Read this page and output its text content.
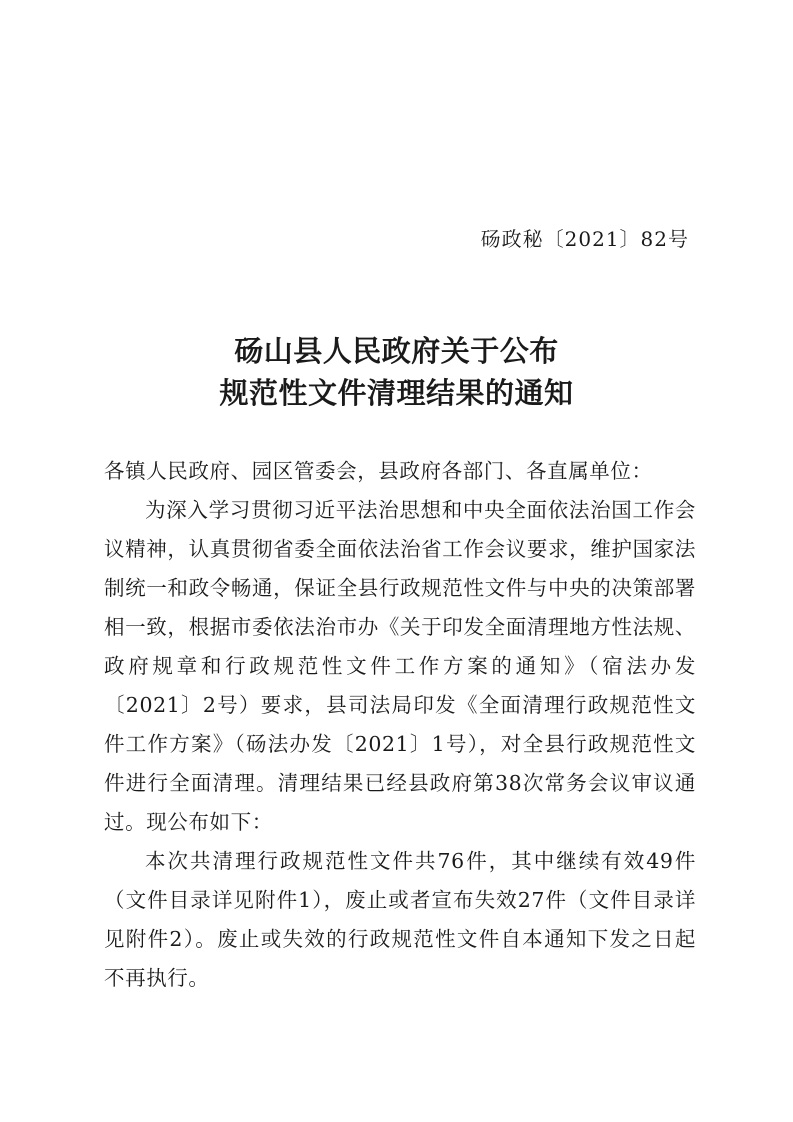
砀政秘〔2021〕82号
砀山县人民政府关于公布
规范性文件清理结果的通知

各镇人民政府、园区管委会，县政府各部门、各直属单位：

为深入学习贯彻习近平法治思想和中央全面依法治国工作会议精神，认真贯彻省委全面依法治省工作会议要求，维护国家法制统一和政令畅通，保证全县行政规范性文件与中央的决策部署相一致，根据市委依法治市办《关于印发全面清理地方性法规、政府规章和行政规范性文件工作方案的通知》（宿法办发〔2021〕2号）要求，县司法局印发《全面清理行政规范性文件工作方案》（砀法办发〔2021〕1号），对全县行政规范性文件进行全面清理。清理结果已经县政府第38次常务会议审议通过。现公布如下：

本次共清理行政规范性文件共76件，其中继续有效49件（文件目录详见附件1），废止或者宣布失效27件（文件目录详见附件2）。废止或失效的行政规范性文件自本通知下发之日起不再执行。
